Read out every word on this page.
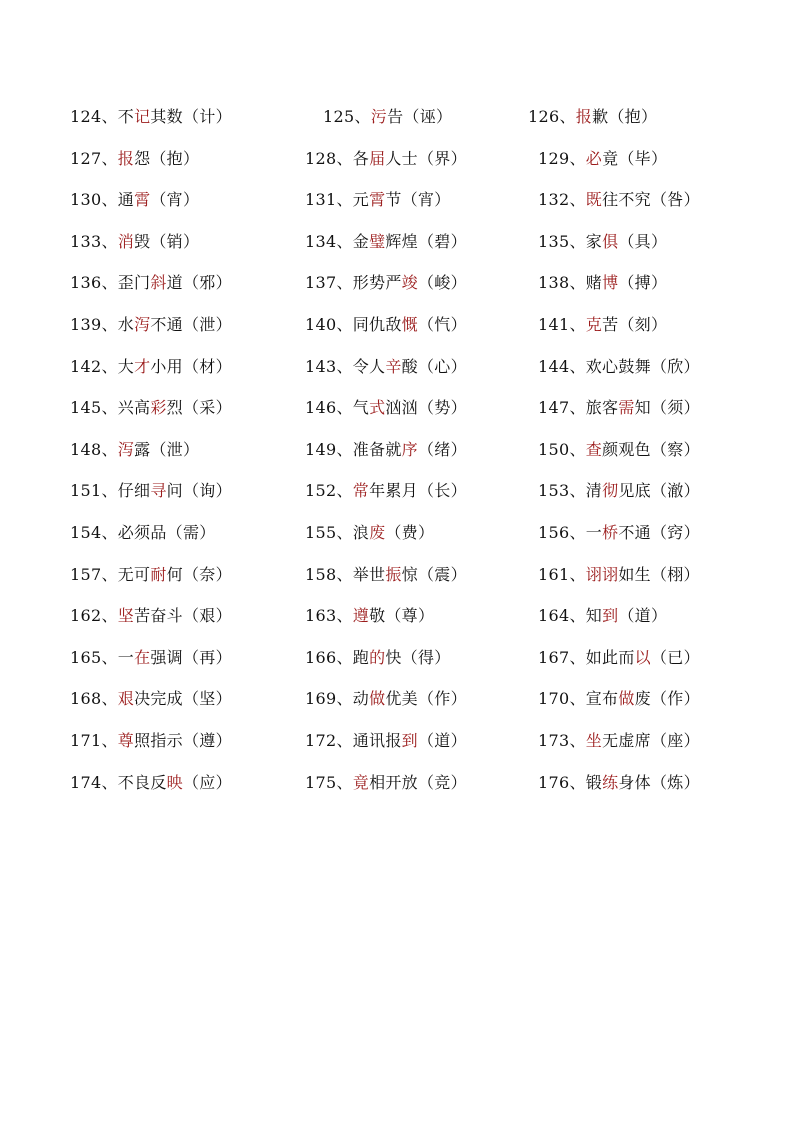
124、不记其数（计）	125、污告（诬）	126、报歉（抱）
127、报怨（抱）	128、各届人士（界）	129、必竟（毕）
130、通霄（宵）	131、元霄节（宵）	132、既往不究（咎）
133、消毁（销）	134、金璧辉煌（碧）	135、家俱（具）
136、歪门斜道（邪）	137、形势严竣（峻）	138、赌博（搏）
139、水泻不通（泄）	140、同仇敌慨（忾）	141、克苦（刻）
142、大才小用（材）	143、令人辛酸（心）	144、欢心鼓舞（欣）
145、兴高彩烈（采）	146、气式汹汹（势）	147、旅客需知（须）
148、泻露（泄）	149、准备就序（绪）	150、查颜观色（察）
151、仔细寻问（询）	152、常年累月（长）	153、清彻见底（澈）
154、必须品（需）	155、浪废（费）	156、一桥不通（窍）
157、无可耐何（奈）	158、举世振惊（震）	161、诩诩如生（栩）
162、坚苦奋斗（艰）	163、遵敬（尊）	164、知到（道）
165、一在强调（再）	166、跑的快（得）	167、如此而以（已）
168、艰决完成（坚）	169、动做优美（作）	170、宣布做废（作）
171、尊照指示（遵）	172、通讯报到（道）	173、坐无虚席（座）
174、不良反映（应）	175、竟相开放（竞）	176、锻练身体（炼）
